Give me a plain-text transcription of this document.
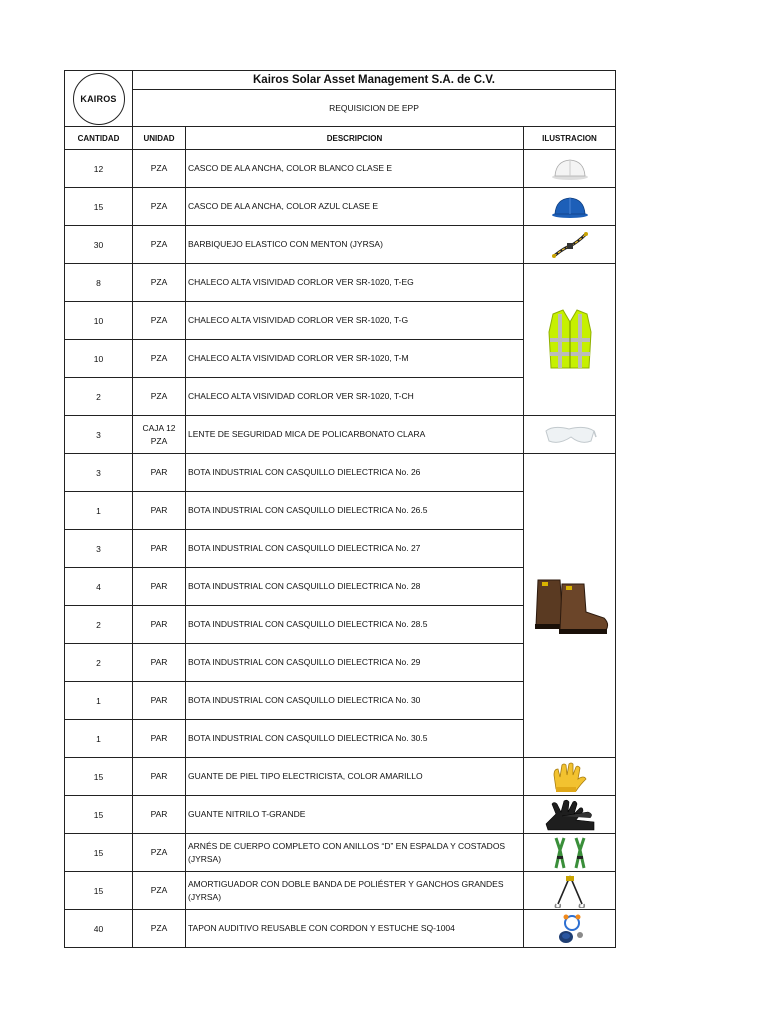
KAIROS	Kairos Solar Asset Management S.A. de C.V.		
	REQUISICION DE EPP		
CANTIDAD	UNIDAD	DESCRIPCION	ILUSTRACION
12	PZA	CASCO DE ALA ANCHA, COLOR BLANCO CLASE E	

15	PZA	CASCO DE ALA ANCHA, COLOR AZUL CLASE E	

30	PZA	BARBIQUEJO ELASTICO CON MENTON (JYRSA)	

8	PZA	CHALECO ALTA VISIVIDAD CORLOR VER SR-1020, T-EG	

10	PZA	CHALECO ALTA VISIVIDAD CORLOR VER SR-1020, T-G	
10	PZA	CHALECO ALTA VISIVIDAD CORLOR VER SR-1020, T-M	
2	PZA	CHALECO ALTA VISIVIDAD CORLOR VER SR-1020, T-CH	
3	CAJA 12 PZA	LENTE DE SEGURIDAD MICA DE POLICARBONATO CLARA	

3	PAR	BOTA INDUSTRIAL CON CASQUILLO DIELECTRICA No. 26	

1	PAR	BOTA INDUSTRIAL CON CASQUILLO DIELECTRICA No. 26.5	
3	PAR	BOTA INDUSTRIAL CON CASQUILLO DIELECTRICA No. 27	
4	PAR	BOTA INDUSTRIAL CON CASQUILLO DIELECTRICA No. 28	
2	PAR	BOTA INDUSTRIAL CON CASQUILLO DIELECTRICA No. 28.5	
2	PAR	BOTA INDUSTRIAL CON CASQUILLO DIELECTRICA No. 29	
1	PAR	BOTA INDUSTRIAL CON CASQUILLO DIELECTRICA No. 30	
1	PAR	BOTA INDUSTRIAL CON CASQUILLO DIELECTRICA No. 30.5	
15	PAR	GUANTE DE PIEL TIPO ELECTRICISTA, COLOR AMARILLO	

15	PAR	GUANTE NITRILO T-GRANDE	

15	PZA	ARNÉS DE CUERPO COMPLETO CON ANILLOS “D” EN ESPALDA Y COSTADOS (JYRSA)	

15	PZA	AMORTIGUADOR CON DOBLE BANDA DE POLIÉSTER Y GANCHOS GRANDES (JYRSA)	

40	PZA	TAPON AUDITIVO REUSABLE CON CORDON Y ESTUCHE SQ-1004	
